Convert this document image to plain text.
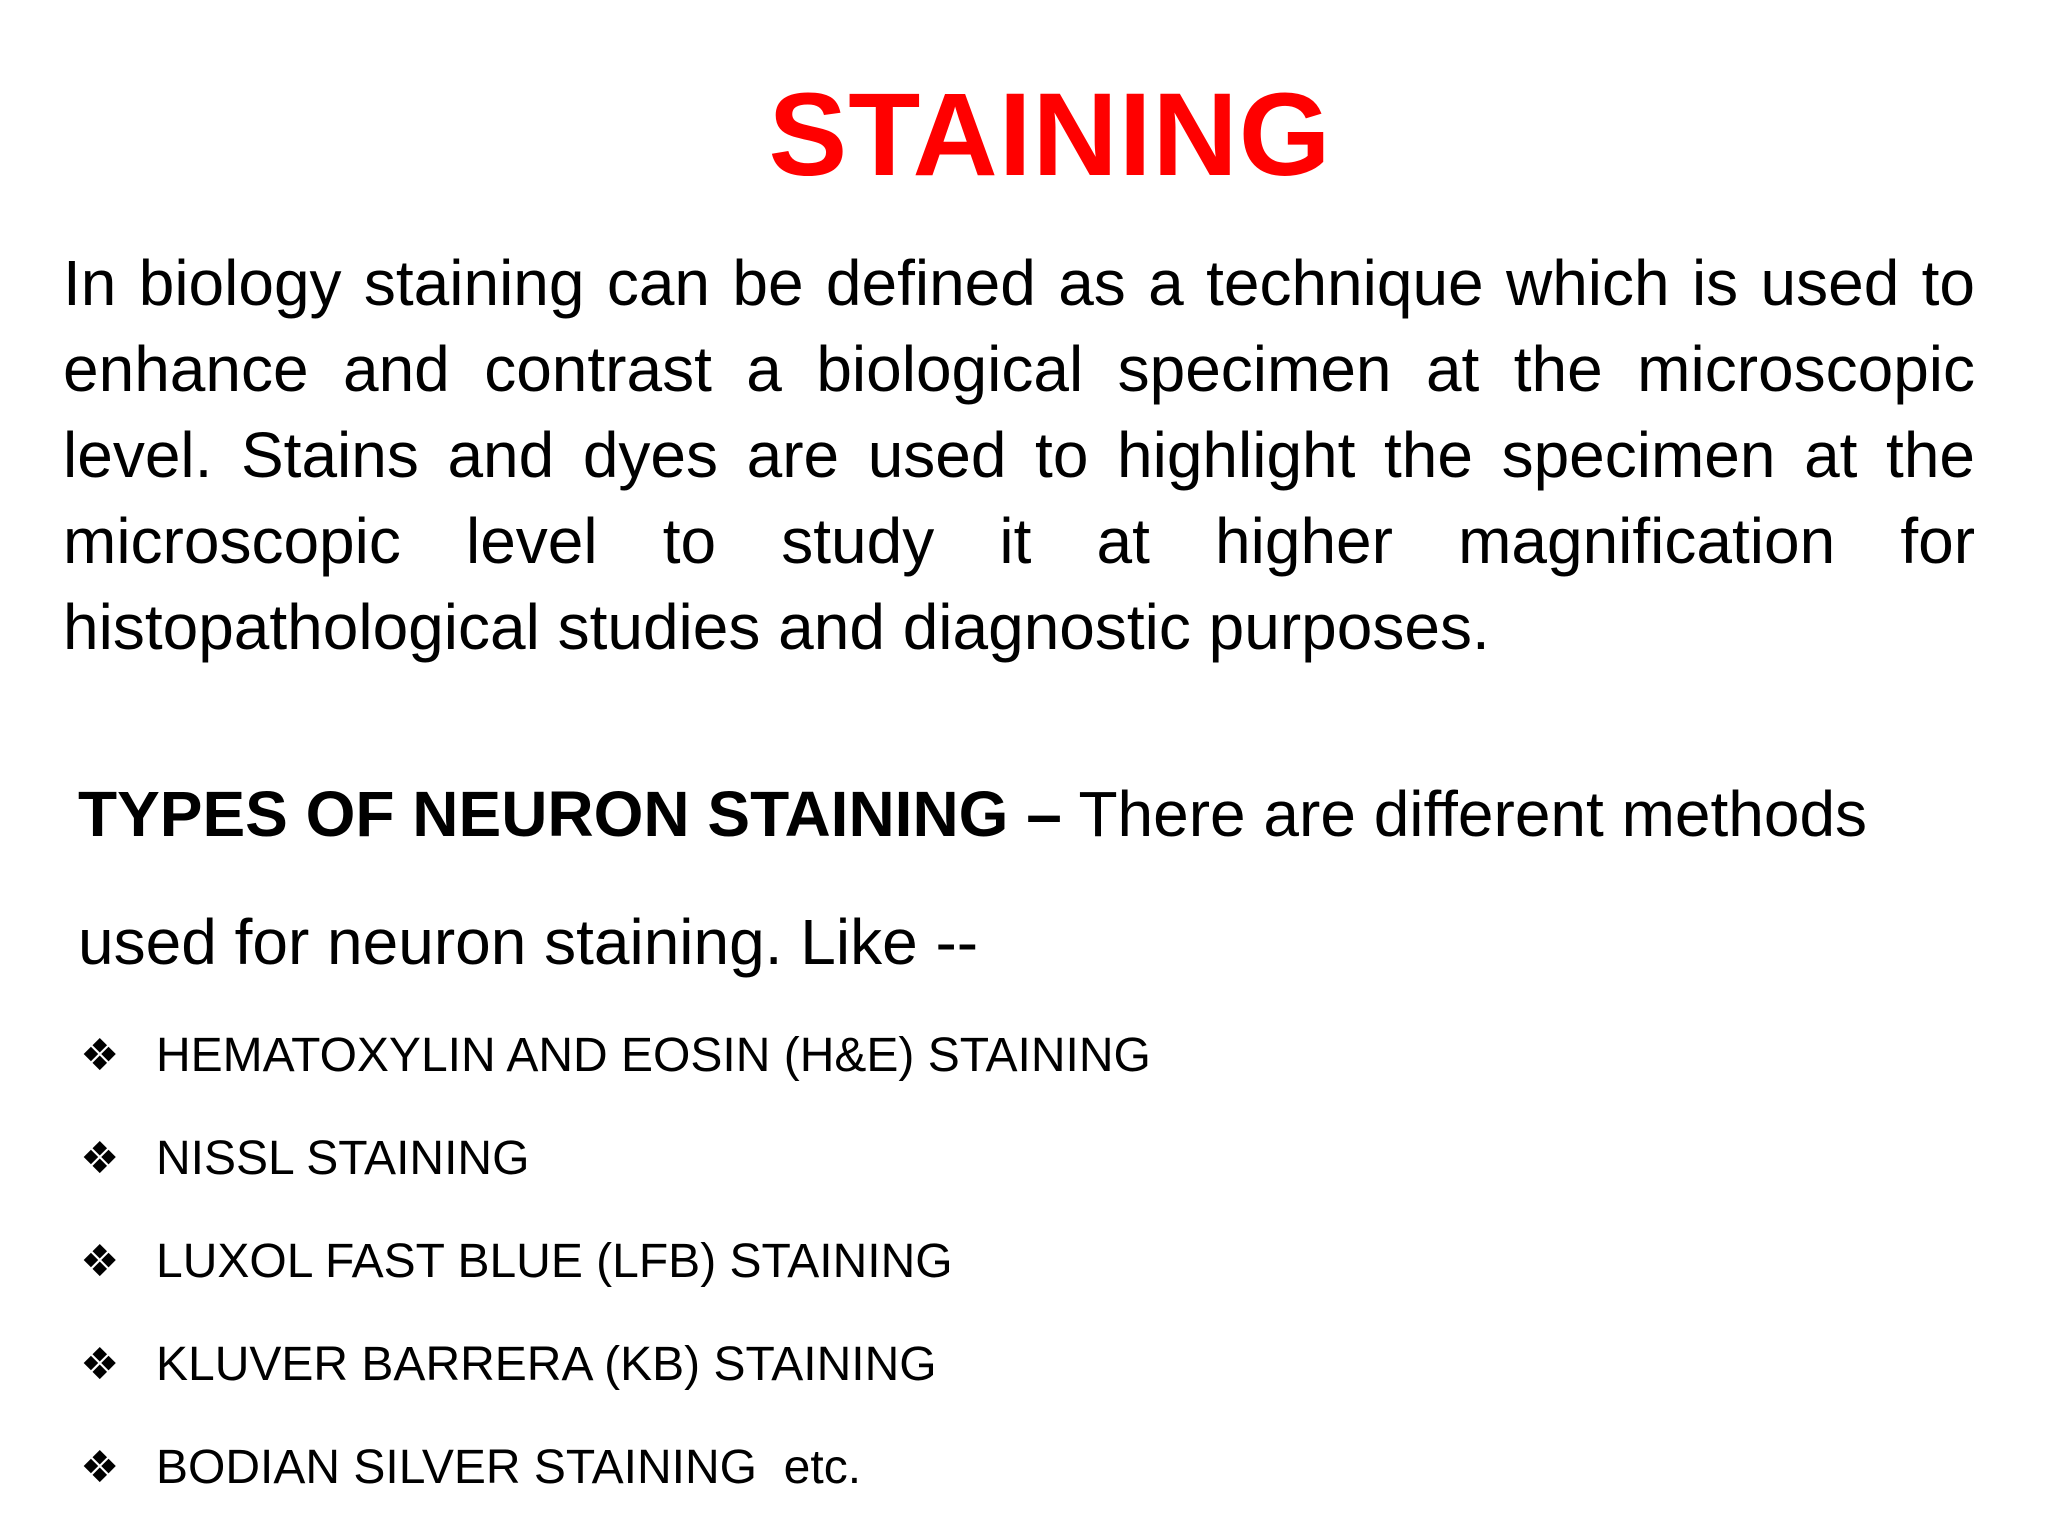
STAINING
In biology staining can be defined as a technique which is used to enhance and contrast a biological specimen at the microscopic level. Stains and dyes are used to highlight the specimen at the microscopic level to study it at higher magnification for histopathological studies and diagnostic purposes.
TYPES OF NEURON STAINING – There are different methods used for neuron staining. Like --
❖ HEMATOXYLIN AND EOSIN (H&E) STAINING
❖ NISSL STAINING
❖ LUXOL FAST BLUE (LFB) STAINING
❖ KLUVER BARRERA (KB) STAINING
❖ BODIAN SILVER STAINING  etc.
